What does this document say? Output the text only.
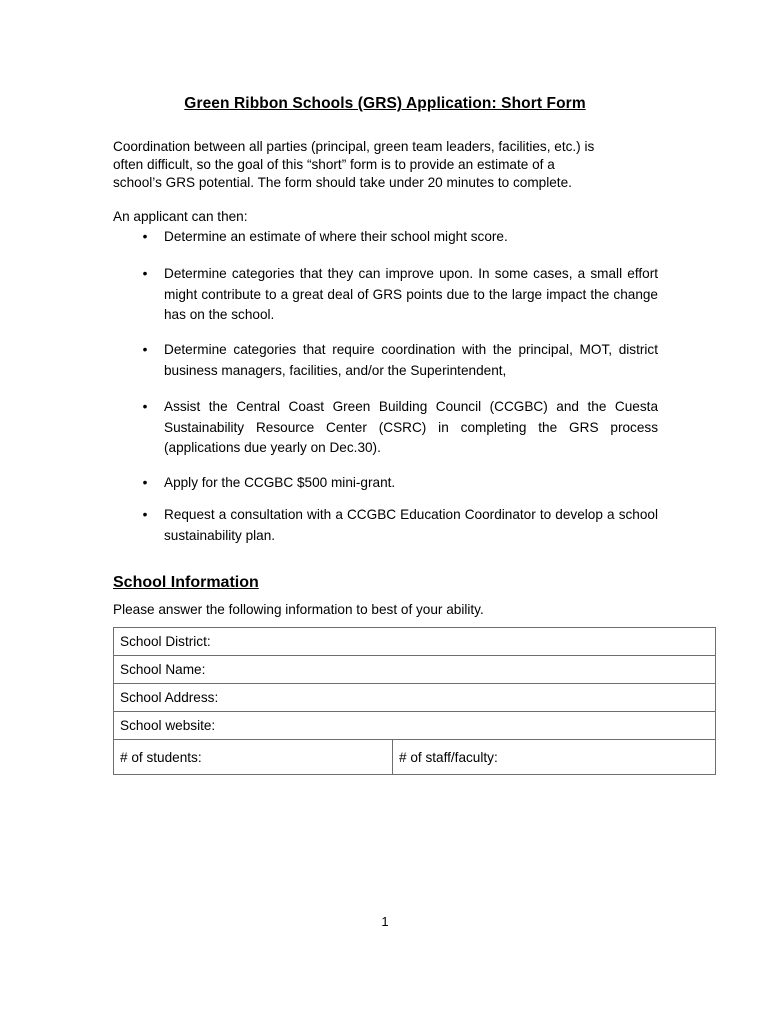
Green Ribbon Schools (GRS) Application: Short Form

Coordination between all parties (principal, green team leaders, facilities, etc.) is
often difficult, so the goal of this “short” form is to provide an estimate of a
school’s GRS potential. The form should take under 20 minutes to complete.

An applicant can then:

•	Determine an estimate of where their school might score.
•	Determine categories that they can improve upon. In some cases, a small effort might contribute to a great deal of GRS points due to the large impact the change has on the school.
•	Determine categories that require coordination with the principal, MOT, district business managers, facilities, and/or the Superintendent,
•	Assist the Central Coast Green Building Council (CCGBC) and the Cuesta Sustainability Resource Center (CSRC) in completing the GRS process (applications due yearly on Dec.30).
•	Apply for the CCGBC $500 mini-grant.
•	Request a consultation with a CCGBC Education Coordinator to develop a school sustainability plan.
School Information
Please answer the following information to best of your ability.
School District:
School Name:
School Address:
School website:
# of students:	# of staff/faculty:
1
